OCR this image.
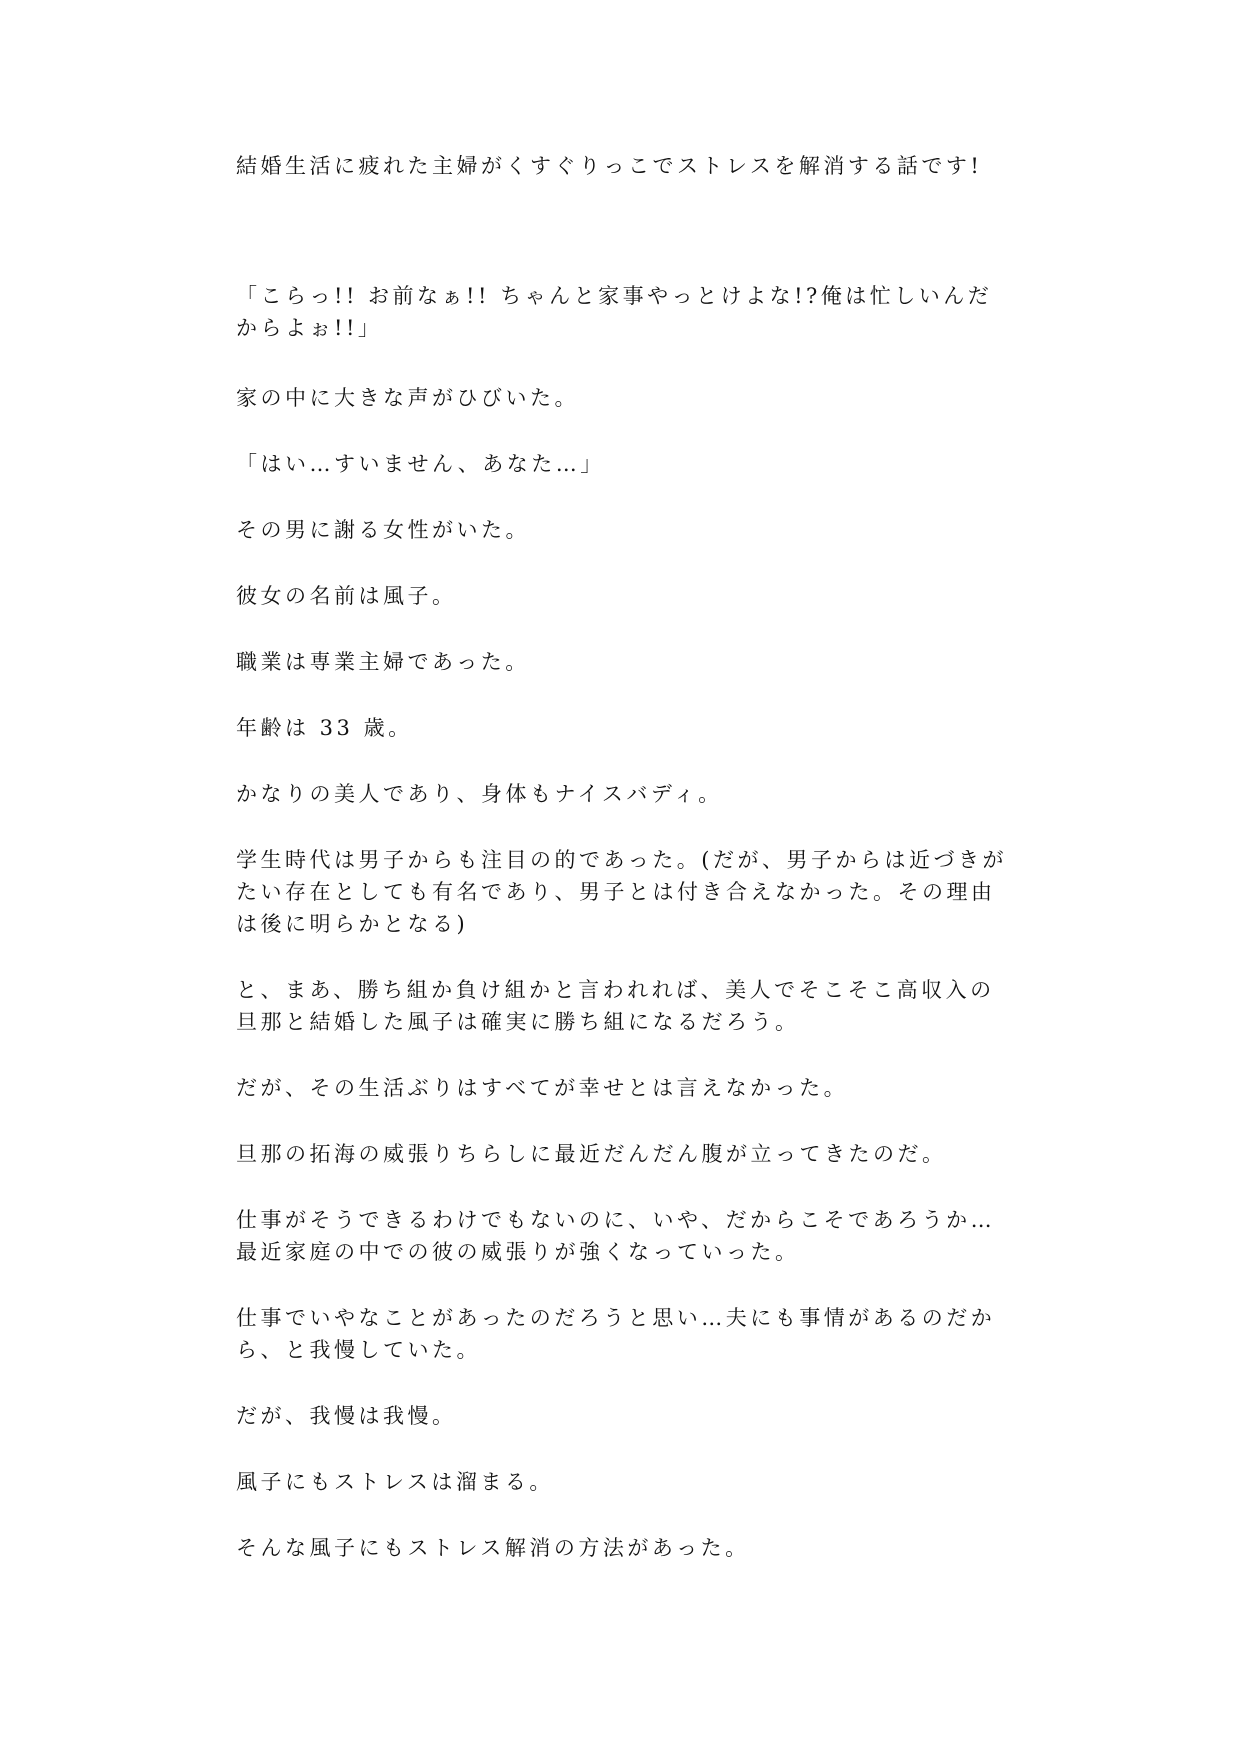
結婚生活に疲れた主婦がくすぐりっこでストレスを解消する話です!

「こらっ!! お前なぁ!! ちゃんと家事やっとけよな!?俺は忙しいんだからよぉ!!」

家の中に大きな声がひびいた。

「はい…すいません、あなた…」

その男に謝る女性がいた。

彼女の名前は風子。

職業は専業主婦であった。

年齢は 33 歳。

かなりの美人であり、身体もナイスバディ。

学生時代は男子からも注目の的であった。(だが、男子からは近づきがたい存在としても有名であり、男子とは付き合えなかった。その理由は後に明らかとなる)

と、まあ、勝ち組か負け組かと言われれば、美人でそこそこ高収入の旦那と結婚した風子は確実に勝ち組になるだろう。

だが、その生活ぶりはすべてが幸せとは言えなかった。

旦那の拓海の威張りちらしに最近だんだん腹が立ってきたのだ。

仕事がそうできるわけでもないのに、いや、だからこそであろうか…最近家庭の中での彼の威張りが強くなっていった。

仕事でいやなことがあったのだろうと思い…夫にも事情があるのだから、と我慢していた。

だが、我慢は我慢。

風子にもストレスは溜まる。

そんな風子にもストレス解消の方法があった。
